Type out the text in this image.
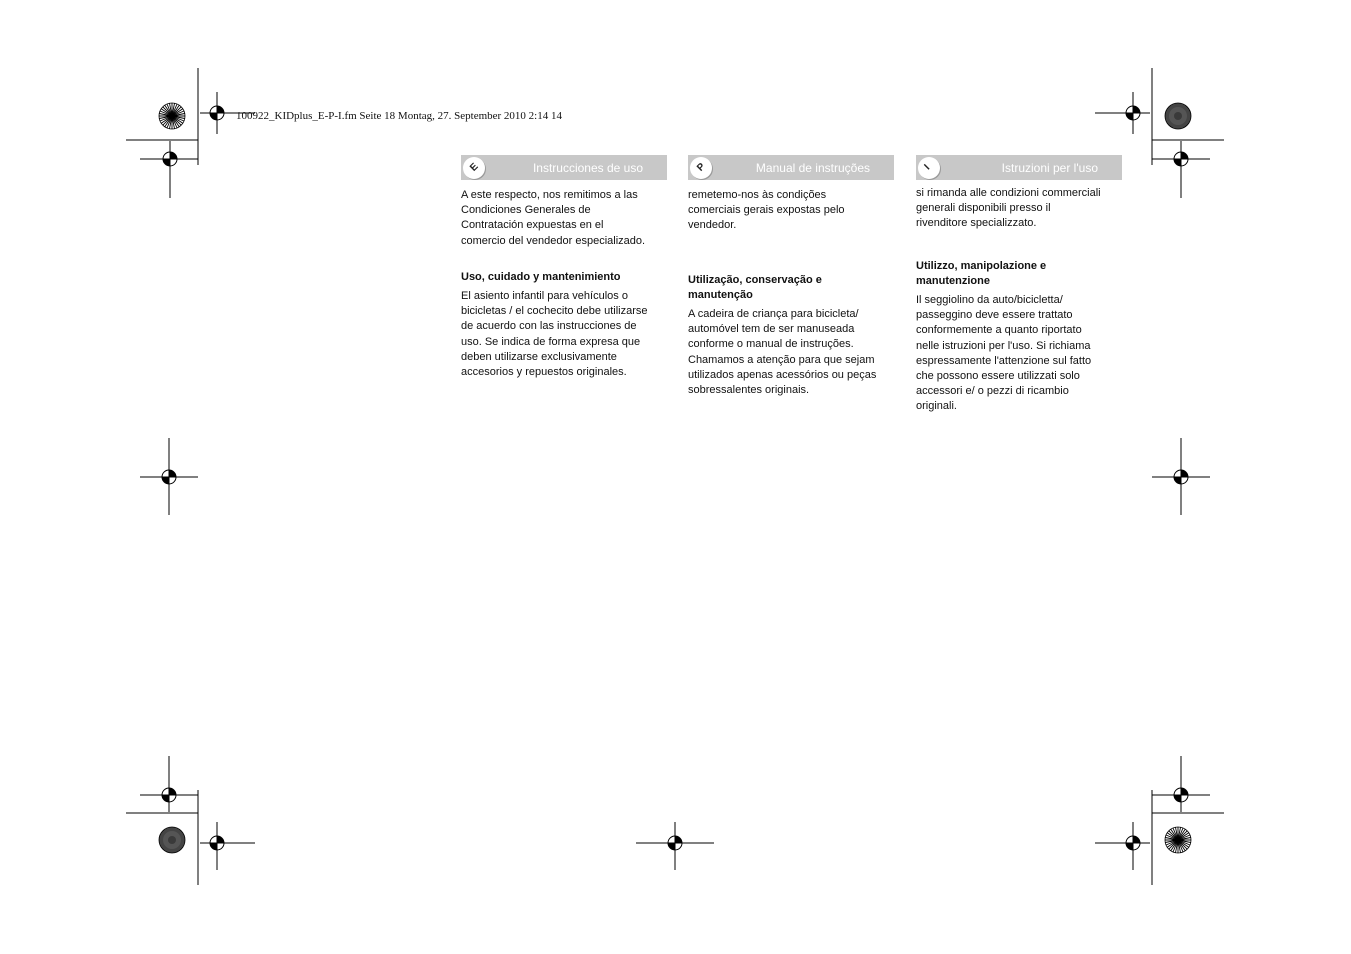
100922_KIDplus_E-P-I.fm Seite 18 Montag, 27. September 2010 2:14 14
E	Instrucciones de uso

A este respecto, nos remitimos a las
Condiciones Generales de
Contratación expuestas en el
comercio del vendedor especializado.

Uso, cuidado y mantenimiento

El asiento infantil para vehículos o
bicicletas / el cochecito debe utilizarse
de acuerdo con las instrucciones de
uso. Se indica de forma expresa que
deben utilizarse exclusivamente
accesorios y repuestos originales.

P	Manual de instruções

remetemo-nos às condições
comerciais gerais expostas pelo
vendedor.

Utilização, conservação e
manutenção

A cadeira de criança para bicicleta/
automóvel tem de ser manuseada
conforme o manual de instruções.
Chamamos a atenção para que sejam
utilizados apenas acessórios ou peças
sobressalentes originais.

I	Istruzioni per l'uso

si rimanda alle condizioni commerciali
generali disponibili presso il
rivenditore specializzato.

Utilizzo, manipolazione e
manutenzione

Il seggiolino da auto/bicicletta/
passeggino deve essere trattato
conformemente a quanto riportato
nelle istruzioni per l'uso. Si richiama
espressamente l'attenzione sul fatto
che possono essere utilizzati solo
accessori e/ o pezzi di ricambio
originali.
